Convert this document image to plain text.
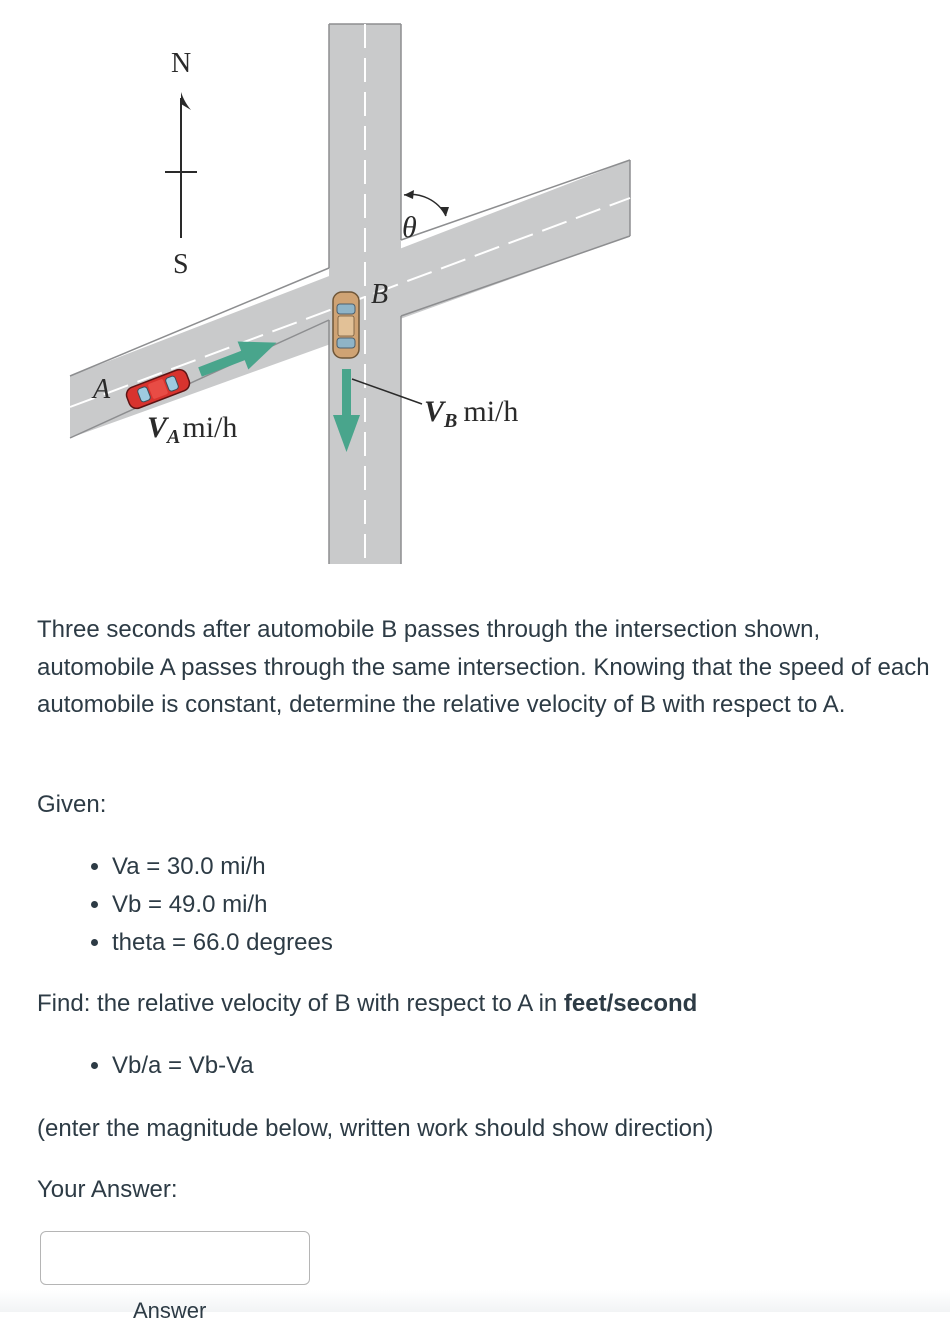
N
S
θ
B
$V_B$ mi/h
A
$V_Ami/h$

Three seconds after automobile B passes through the intersection shown, automobile A passes through the same intersection. Knowing that the speed of each automobile is constant, determine the relative velocity of B with respect to A.

Given:

• Va = 30.0 mi/h
• Vb = 49.0 mi/h
• theta = 66.0 degrees

Find: the relative velocity of B with respect to A in feet/second

• Vb/a = Vb-Va

(enter the magnitude below, written work should show direction)

Your Answer:

Answer
